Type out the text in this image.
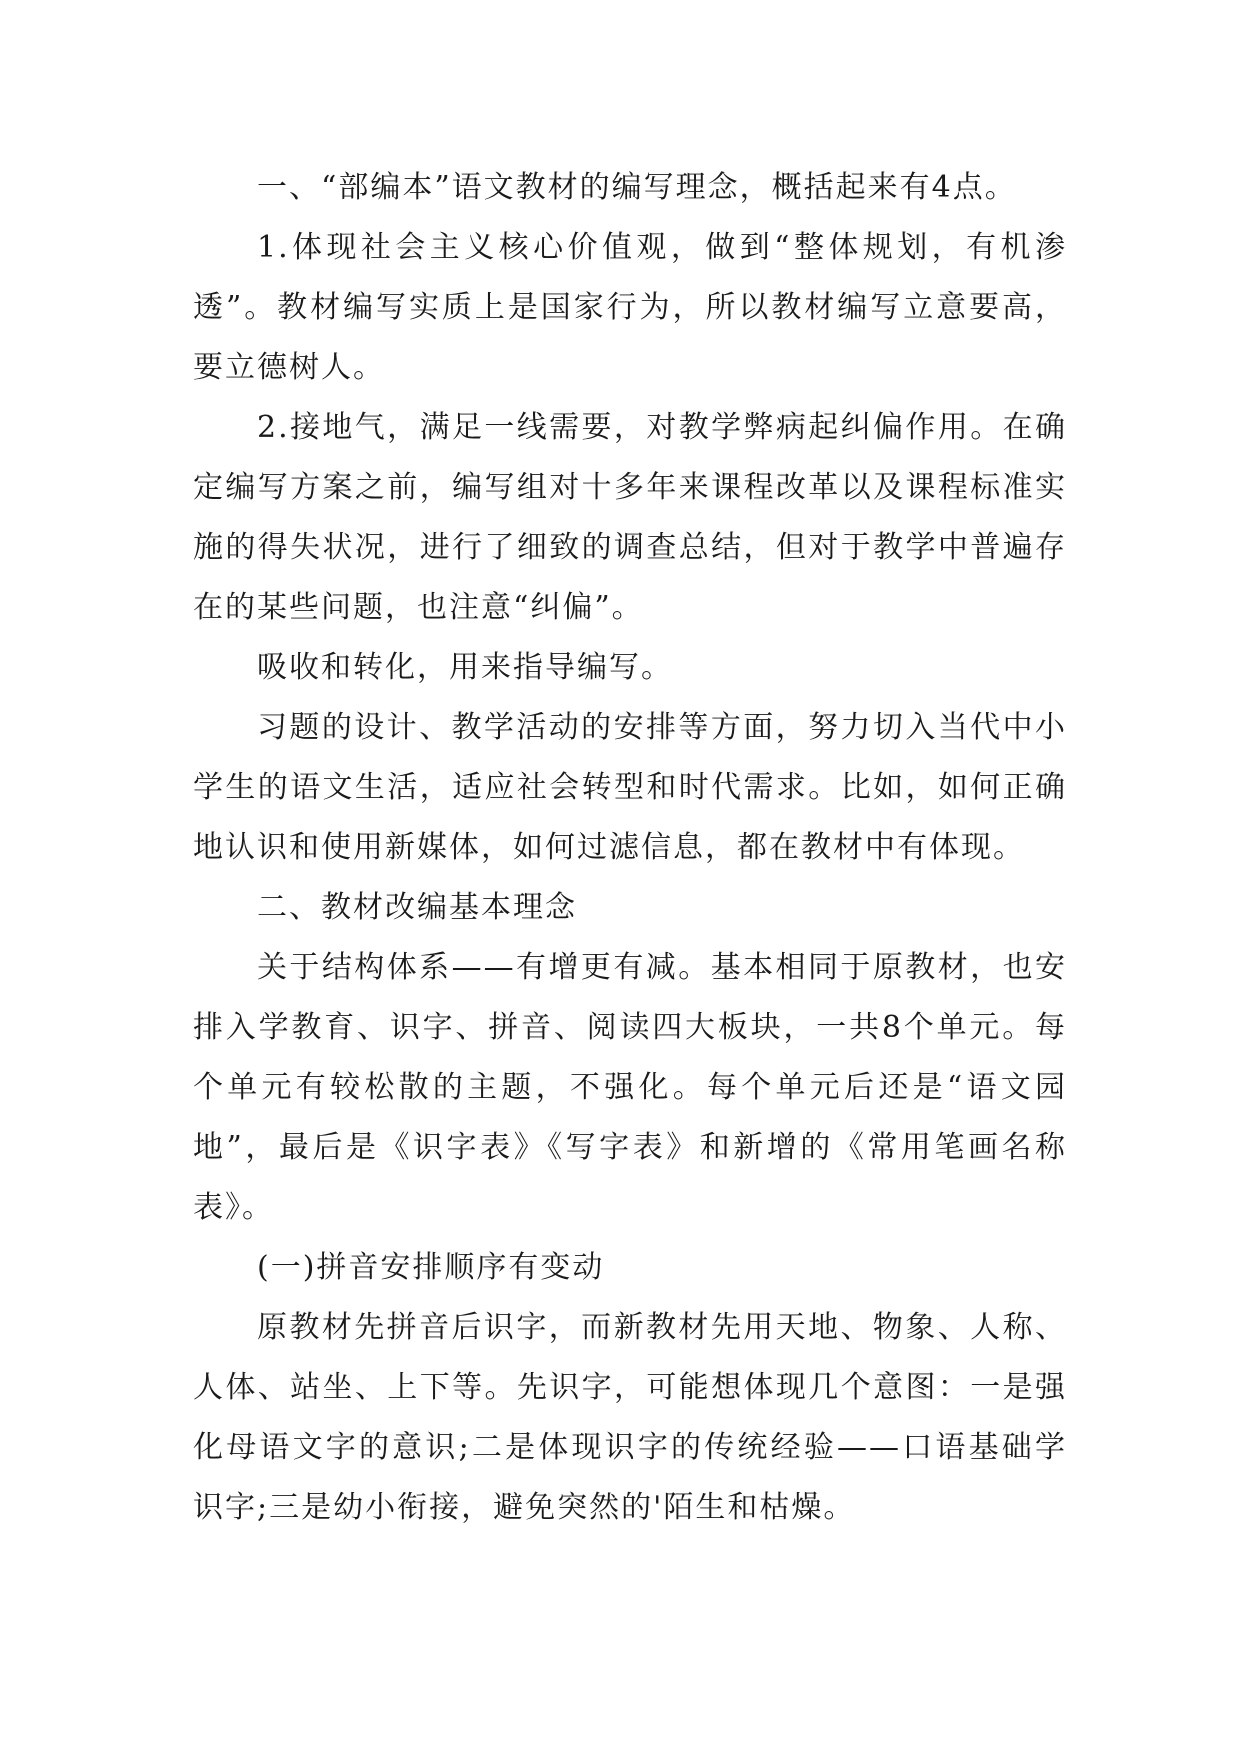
一、“部编本”语文教材的编写理念，概括起来有4点。

1.体现社会主义核心价值观，做到“整体规划，有机渗透”。教材编写实质上是国家行为，所以教材编写立意要高，要立德树人。

2.接地气，满足一线需要，对教学弊病起纠偏作用。在确定编写方案之前，编写组对十多年来课程改革以及课程标准实施的得失状况，进行了细致的调查总结，但对于教学中普遍存在的某些问题，也注意“纠偏”。

吸收和转化，用来指导编写。

习题的设计、教学活动的安排等方面，努力切入当代中小学生的语文生活，适应社会转型和时代需求。比如，如何正确地认识和使用新媒体，如何过滤信息，都在教材中有体现。

二、教材改编基本理念

关于结构体系——有增更有减。基本相同于原教材，也安排入学教育、识字、拼音、阅读四大板块，一共8个单元。每个单元有较松散的主题，不强化。每个单元后还是“语文园地”，最后是《识字表》《写字表》和新增的《常用笔画名称表》。

(一)拼音安排顺序有变动

原教材先拼音后识字，而新教材先用天地、物象、人称、人体、站坐、上下等。先识字，可能想体现几个意图：一是强化母语文字的意识;二是体现识字的传统经验——口语基础学识字;三是幼小衔接，避免突然的'陌生和枯燥。
